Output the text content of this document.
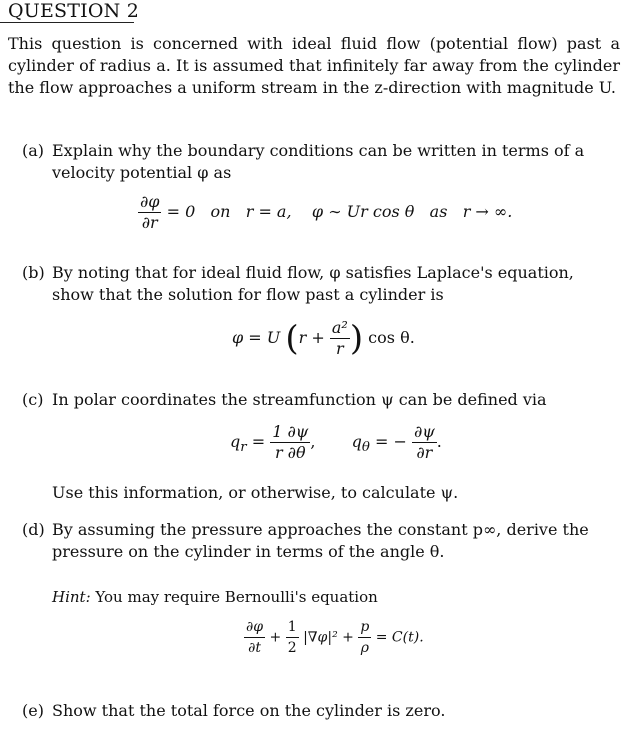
QUESTION 2

This question is concerned with ideal fluid flow (potential flow) past a cylinder of radius a. It is assumed that infinitely far away from the cylinder the flow approaches a uniform stream in the z-direction with magnitude U.

(a) Explain why the boundary conditions can be written in terms of a velocity potential φ as
$\frac{\partial\varphi}{\partial r} = 0$   on   r = a,    φ ∼ Ur cos θ   as   r → ∞.
(b) By noting that for ideal fluid flow, φ satisfies Laplace's equation, show that the solution for flow past a cylinder is
φ = U ($r + \frac{\text{a²}}{r}$ ) cos θ.
(c) In polar coordinates the streamfunction ψ can be defined via
$q_r = \frac{1 \partial\psi}{r \partial\theta}$ , $q_\theta$ = − $\frac{\partial\psi}{\partial r}$ .
Use this information, or otherwise, to calculate ψ.
(d) By assuming the pressure approaches the constant p∞, derive the pressure on the cylinder in terms of the angle θ.
Hint: You may require Bernoulli's equation
$\frac{\partial\varphi}{\partial t} + \frac{1}{2} |\nabla\varphi|^2 + \frac{p}{\rho} = C(t)$.
(e) Show that the total force on the cylinder is zero.
